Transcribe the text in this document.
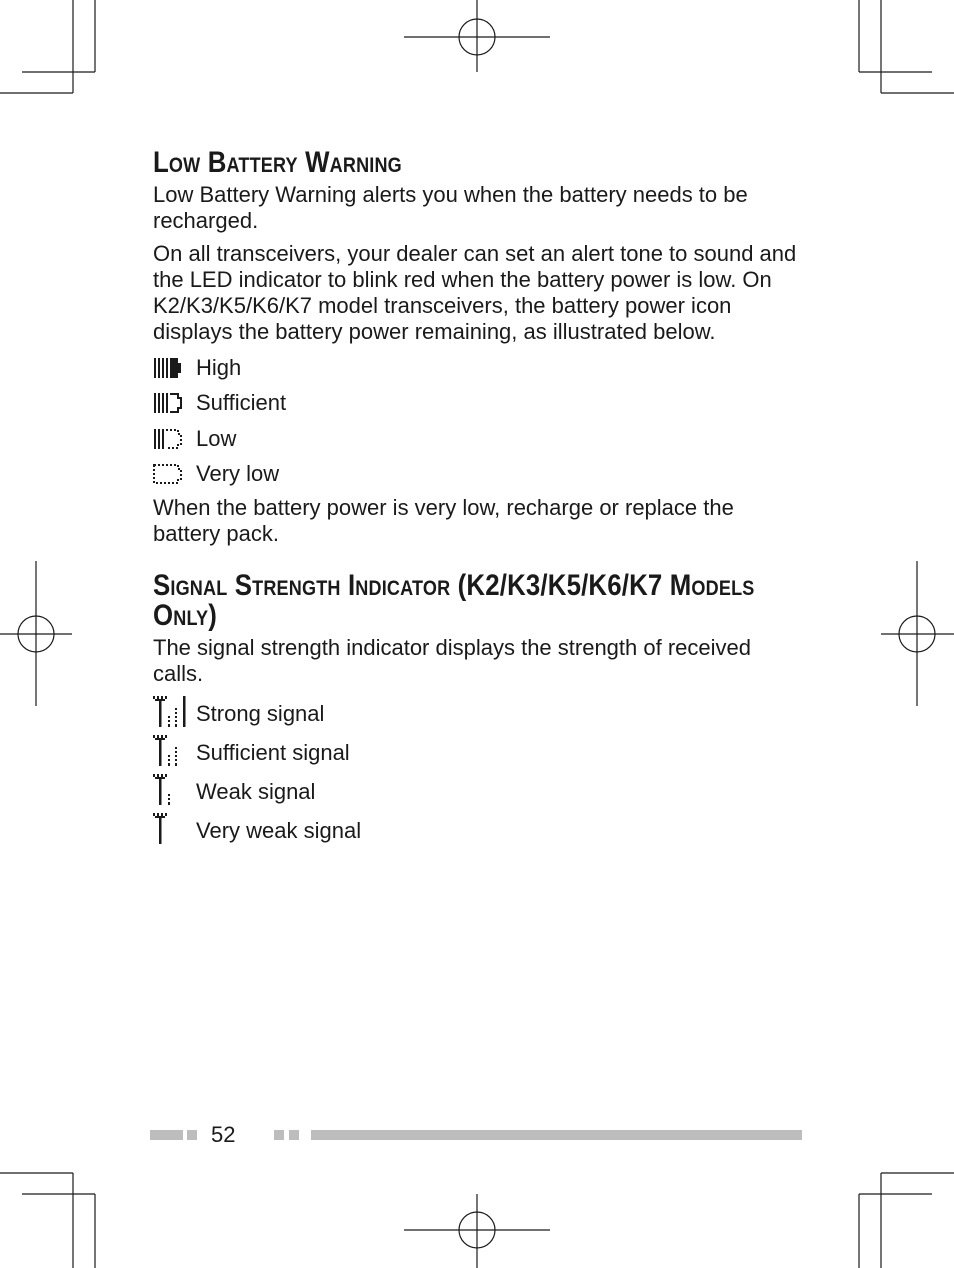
Low Battery Warning

Low Battery Warning alerts you when the battery needs to be recharged.

On all transceivers, your dealer can set an alert tone to sound and the LED indicator to blink red when the battery power is low. On K2/K3/K5/K6/K7 model transceivers, the battery power icon displays the battery power remaining, as illustrated below.

High
Sufficient
Low
Very low

When the battery power is very low, recharge or replace the battery pack.

Signal Strength Indicator (K2/K3/K5/K6/K7 Models
Only)

The signal strength indicator displays the strength of received calls.

Strong signal
Sufficient signal
Weak signal
Very weak signal
52
